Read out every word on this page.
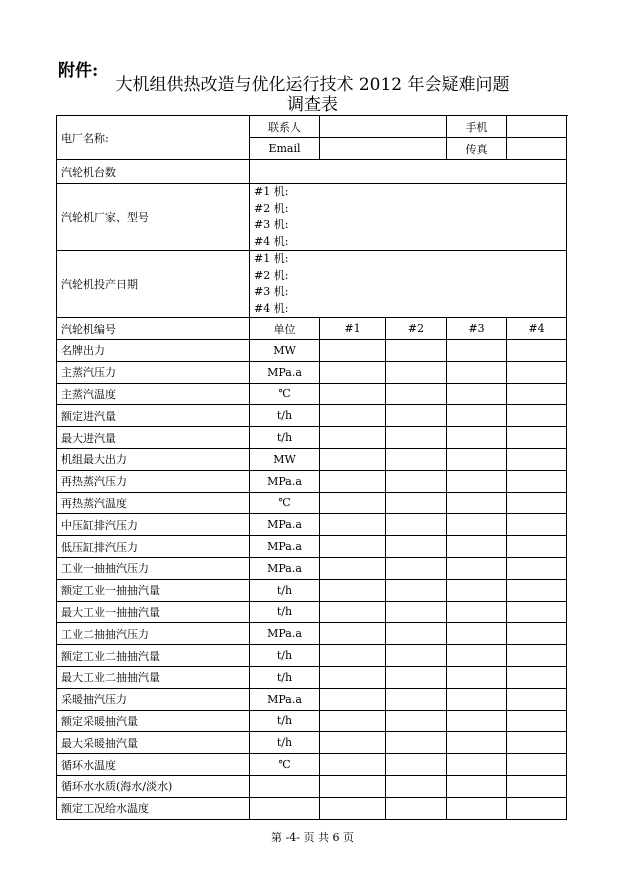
附件:
大机组供热改造与优化运行技术 2012 年会疑难问题
调查表
电厂名称:	联系人			手机	
	Email			传真	
汽轮机台数					
汽轮机厂家、型号	#1 机:
#2 机:
#3 机:
#4 机:				

汽轮机投产日期	#1 机:
#2 机:
#3 机:
#4 机:				

汽轮机编号	单位	#1	#2	#3	#4
名牌出力	MW				
主蒸汽压力	MPa.a				
主蒸汽温度	℃				
额定进汽量	t/h				
最大进汽量	t/h				
机组最大出力	MW				
再热蒸汽压力	MPa.a				
再热蒸汽温度	℃				
中压缸排汽压力	MPa.a				
低压缸排汽压力	MPa.a				
工业一抽抽汽压力	MPa.a				
额定工业一抽抽汽量	t/h				
最大工业一抽抽汽量	t/h				
工业二抽抽汽压力	MPa.a				
额定工业二抽抽汽量	t/h				
最大工业二抽抽汽量	t/h				
采暖抽汽压力	MPa.a				
额定采暖抽汽量	t/h				
最大采暖抽汽量	t/h				
循环水温度	℃				
循环水水质(海水/淡水)					
额定工况给水温度					
第 -4- 页 共 6 页
